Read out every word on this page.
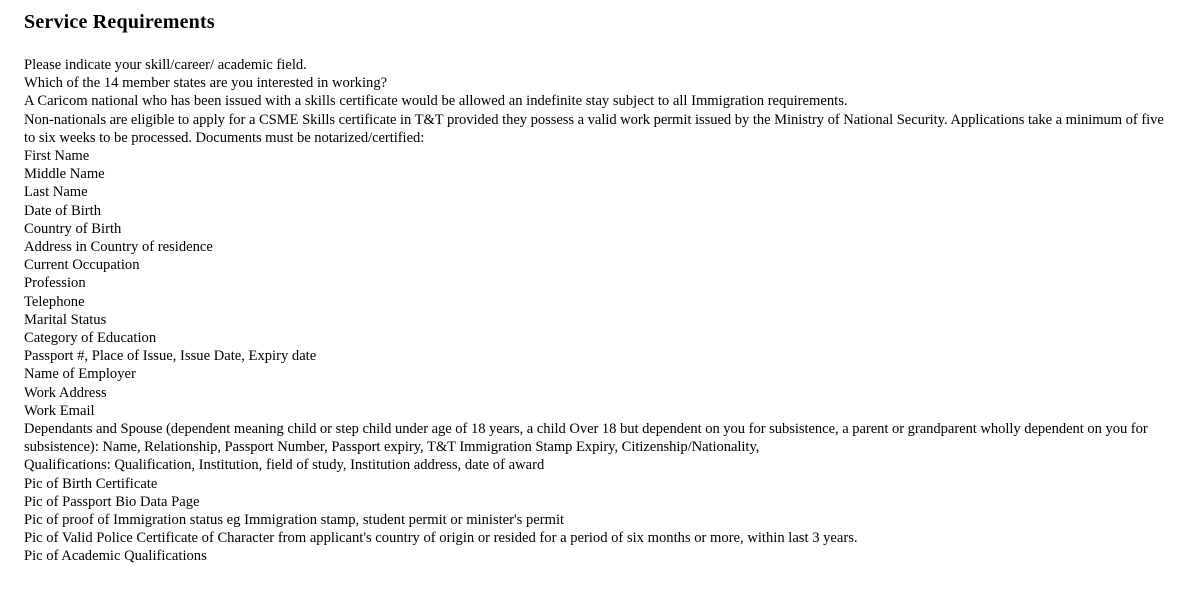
Service Requirements

Please indicate your skill/career/ academic field.

Which of the 14 member states are you interested in working?

A Caricom national who has been issued with a skills certificate would be allowed an indefinite stay subject to all Immigration requirements.

Non-nationals are eligible to apply for a CSME Skills certificate in T&T provided they possess a valid work permit issued by the Ministry of National Security. Applications take a minimum of five to six weeks to be processed. Documents must be notarized/certified:

First Name

Middle Name

Last Name

Date of Birth

Country of Birth

Address in Country of residence

Current Occupation

Profession

Telephone

Marital Status

Category of Education

Passport #, Place of Issue, Issue Date, Expiry date

Name of Employer

Work Address

Work Email

Dependants and Spouse (dependent meaning child or step child under age of 18 years, a child Over 18 but dependent on you for subsistence, a parent or grandparent wholly dependent on you for subsistence): Name, Relationship, Passport Number, Passport expiry, T&T Immigration Stamp Expiry, Citizenship/Nationality,

Qualifications: Qualification, Institution, field of study, Institution address, date of award

Pic of Birth Certificate

Pic of Passport Bio Data Page

Pic of proof of Immigration status eg Immigration stamp, student permit or minister's permit

Pic of Valid Police Certificate of Character from applicant's country of origin or resided for a period of six months or more, within last 3 years.

Pic of Academic Qualifications
